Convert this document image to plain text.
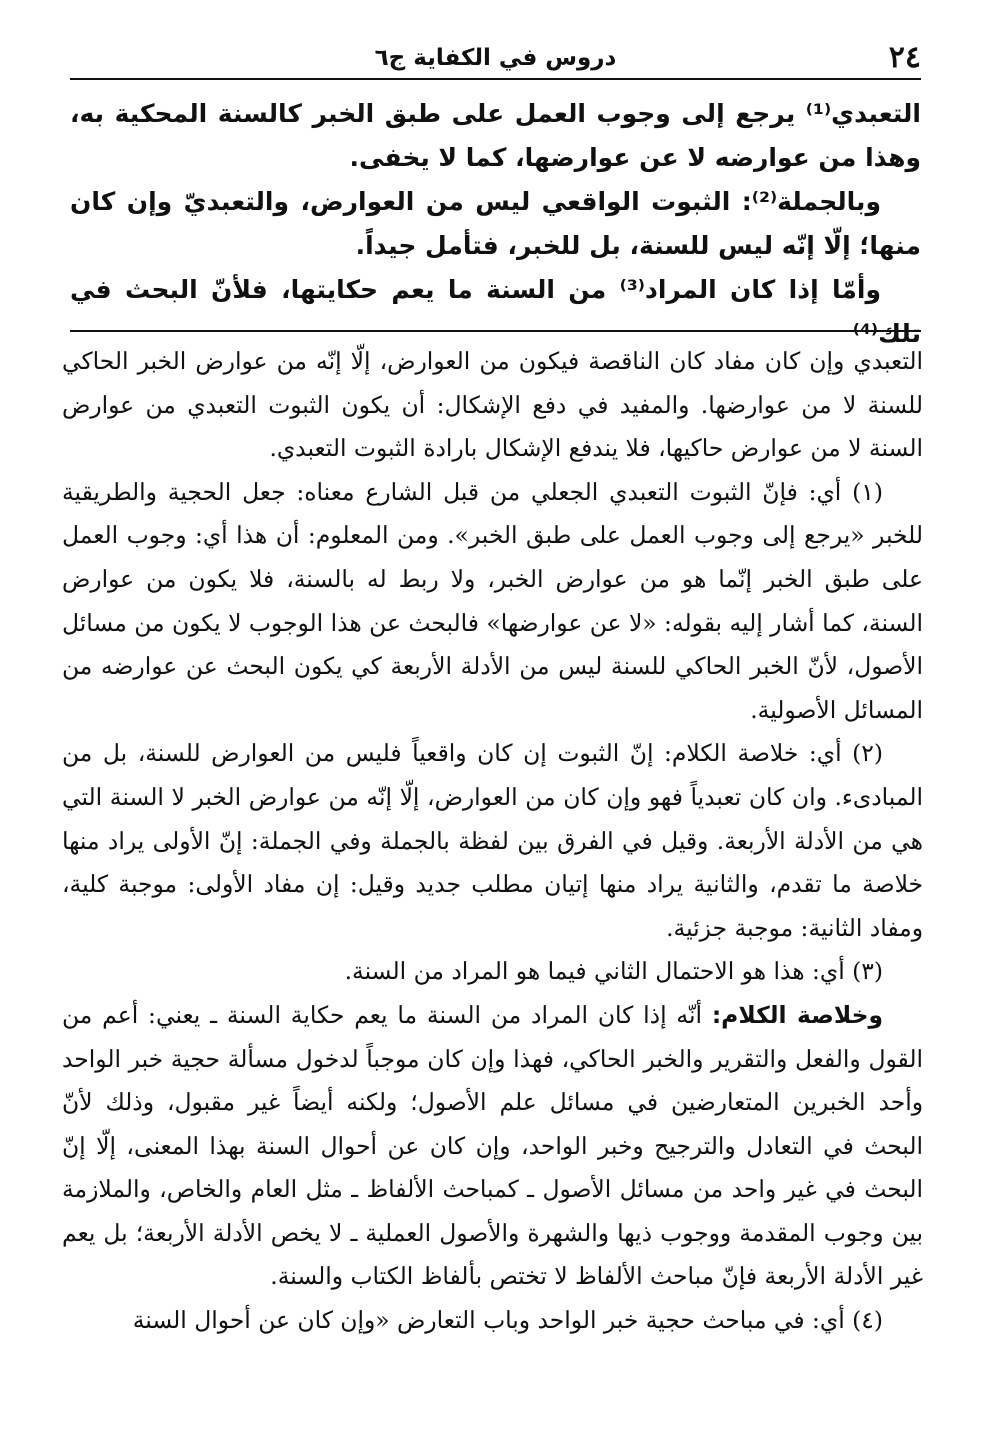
٢٤
دروس في الكفاية ج٦

التعبدي⁽¹⁾ يرجع إلى وجوب العمل على طبق الخبر كالسنة المحكية به، وهذا من عوارضه لا عن عوارضها، كما لا يخفى.

وبالجملة⁽²⁾: الثبوت الواقعي ليس من العوارض، والتعبديّ وإن كان منها؛ إلّا إنّه ليس للسنة، بل للخبر، فتأمل جيداً.

وأمّا إذا كان المراد⁽³⁾ من السنة ما يعم حكايتها، فلأنّ البحث في تلك⁽⁴⁾

التعبدي وإن كان مفاد كان الناقصة فيكون من العوارض، إلّا إنّه من عوارض الخبر الحاكي للسنة لا من عوارضها. والمفيد في دفع الإشكال: أن يكون الثبوت التعبدي من عوارض السنة لا من عوارض حاكيها، فلا يندفع الإشكال بارادة الثبوت التعبدي.

(١) أي: فإنّ الثبوت التعبدي الجعلي من قبل الشارع معناه: جعل الحجية والطريقية للخبر «يرجع إلى وجوب العمل على طبق الخبر». ومن المعلوم: أن هذا أي: وجوب العمل على طبق الخبر إنّما هو من عوارض الخبر، ولا ربط له بالسنة، فلا يكون من عوارض السنة، كما أشار إليه بقوله: «لا عن عوارضها» فالبحث عن هذا الوجوب لا يكون من مسائل الأصول، لأنّ الخبر الحاكي للسنة ليس من الأدلة الأربعة كي يكون البحث عن عوارضه من المسائل الأصولية.

(٢) أي: خلاصة الكلام: إنّ الثبوت إن كان واقعياً فليس من العوارض للسنة، بل من المبادىء. وان كان تعبدياً فهو وإن كان من العوارض، إلّا إنّه من عوارض الخبر لا السنة التي هي من الأدلة الأربعة. وقيل في الفرق بين لفظة بالجملة وفي الجملة: إنّ الأولى يراد منها خلاصة ما تقدم، والثانية يراد منها إتيان مطلب جديد وقيل: إن مفاد الأولى: موجبة كلية، ومفاد الثانية: موجبة جزئية.

(٣) أي: هذا هو الاحتمال الثاني فيما هو المراد من السنة.

وخلاصة الكلام: أنّه إذا كان المراد من السنة ما يعم حكاية السنة ـ يعني: أعم من القول والفعل والتقرير والخبر الحاكي، فهذا وإن كان موجباً لدخول مسألة حجية خبر الواحد وأحد الخبرين المتعارضين في مسائل علم الأصول؛ ولكنه أيضاً غير مقبول، وذلك لأنّ البحث في التعادل والترجيح وخبر الواحد، وإن كان عن أحوال السنة بهذا المعنى، إلّا إنّ البحث في غير واحد من مسائل الأصول ـ كمباحث الألفاظ ـ مثل العام والخاص، والملازمة بين وجوب المقدمة ووجوب ذيها والشهرة والأصول العملية ـ لا يخص الأدلة الأربعة؛ بل يعم غير الأدلة الأربعة فإنّ مباحث الألفاظ لا تختص بألفاظ الكتاب والسنة.

(٤) أي: في مباحث حجية خبر الواحد وباب التعارض «وإن كان عن أحوال السنة
